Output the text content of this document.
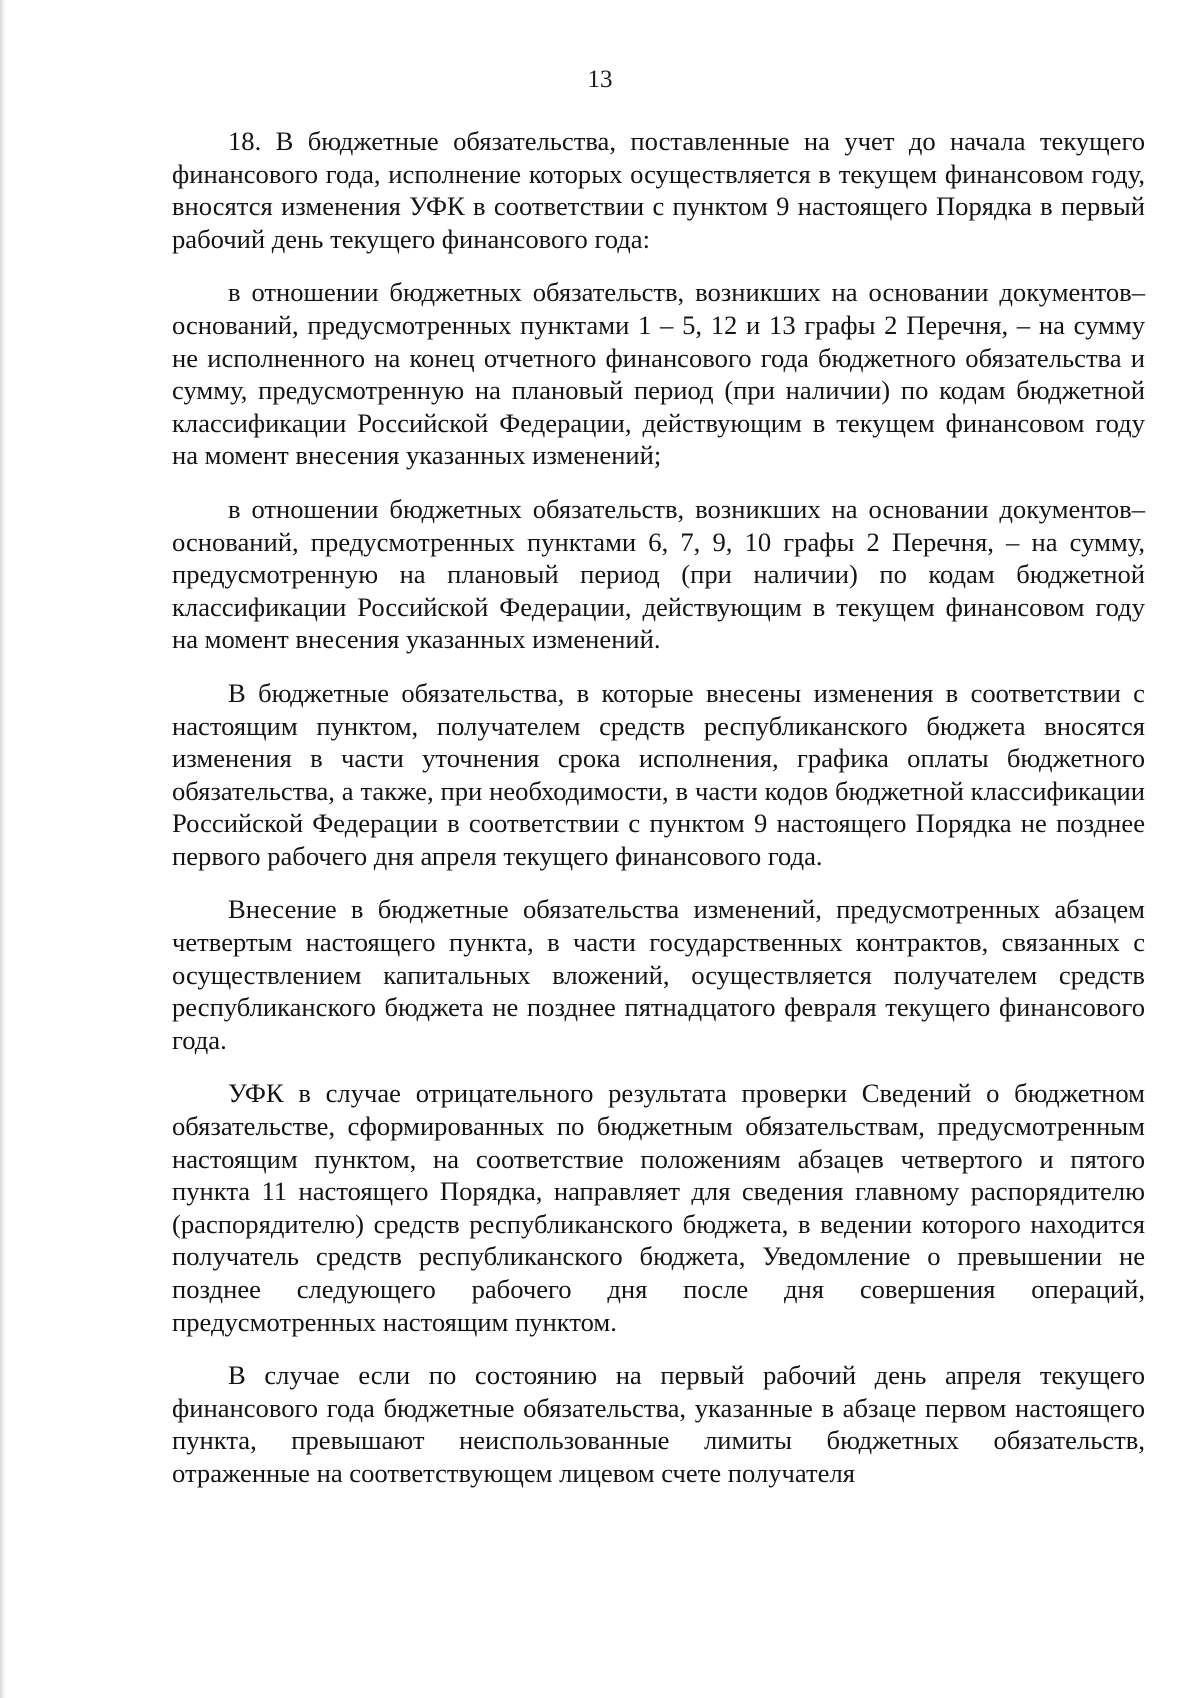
13

18. В бюджетные обязательства, поставленные на учет до начала текущего финансового года, исполнение которых осуществляется в текущем финансовом году, вносятся изменения УФК в соответствии с пунктом 9 настоящего Порядка в первый рабочий день текущего финансового года:

в отношении бюджетных обязательств, возникших на основании документов–оснований, предусмотренных пунктами 1 – 5, 12 и 13 графы 2 Перечня, – на сумму не исполненного на конец отчетного финансового года бюджетного обязательства и сумму, предусмотренную на плановый период (при наличии) по кодам бюджетной классификации Российской Федерации, действующим в текущем финансовом году на момент внесения указанных изменений;

в отношении бюджетных обязательств, возникших на основании документов–оснований, предусмотренных пунктами 6, 7, 9, 10 графы 2 Перечня, – на сумму, предусмотренную на плановый период (при наличии) по кодам бюджетной классификации Российской Федерации, действующим в текущем финансовом году на момент внесения указанных изменений.

В бюджетные обязательства, в которые внесены изменения в соответствии с настоящим пунктом, получателем средств республиканского бюджета вносятся изменения в части уточнения срока исполнения, графика оплаты бюджетного обязательства, а также, при необходимости, в части кодов бюджетной классификации Российской Федерации в соответствии с пунктом 9 настоящего Порядка не позднее первого рабочего дня апреля текущего финансового года.

Внесение в бюджетные обязательства изменений, предусмотренных абзацем четвертым настоящего пункта, в части государственных контрактов, связанных с осуществлением капитальных вложений, осуществляется получателем средств республиканского бюджета не позднее пятнадцатого февраля текущего финансового года.

УФК в случае отрицательного результата проверки Сведений о бюджетном обязательстве, сформированных по бюджетным обязательствам, предусмотренным настоящим пунктом, на соответствие положениям абзацев четвертого и пятого пункта 11 настоящего Порядка, направляет для сведения главному распорядителю (распорядителю) средств республиканского бюджета, в ведении которого находится получатель средств республиканского бюджета, Уведомление о превышении не позднее следующего рабочего дня после дня совершения операций, предусмотренных настоящим пунктом.

В случае если по состоянию на первый рабочий день апреля текущего финансового года бюджетные обязательства, указанные в абзаце первом настоящего пункта, превышают неиспользованные лимиты бюджетных обязательств, отраженные на соответствующем лицевом счете получателя
